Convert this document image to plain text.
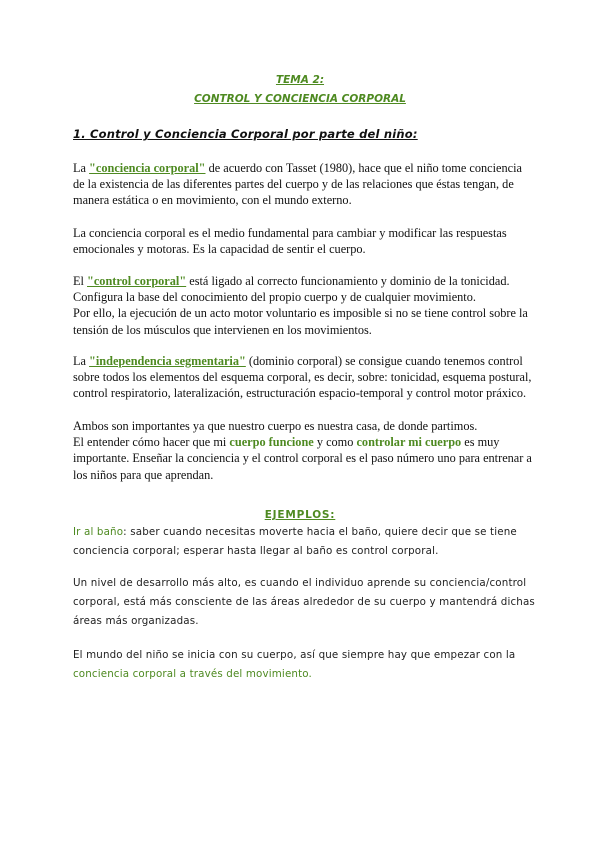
TEMA 2:

CONTROL Y CONCIENCIA CORPORAL

1. Control y Conciencia Corporal por parte del niño:

La "conciencia corporal" de acuerdo con Tasset (1980), hace que el niño tome conciencia de la existencia de las diferentes partes del cuerpo y de las relaciones que éstas tengan, de manera estática o en movimiento, con el mundo externo.

La conciencia corporal es el medio fundamental para cambiar y modificar las respuestas emocionales y motoras. Es la capacidad de sentir el cuerpo.

El "control corporal" está ligado al correcto funcionamiento y dominio de la tonicidad.
Configura la base del conocimiento del propio cuerpo y de cualquier movimiento.
Por ello, la ejecución de un acto motor voluntario es imposible si no se tiene control sobre la tensión de los músculos que intervienen en los movimientos.

La "independencia segmentaria" (dominio corporal) se consigue cuando tenemos control sobre todos los elementos del esquema corporal, es decir, sobre: tonicidad, esquema postural, control respiratorio, lateralización, estructuración espacio-temporal y control motor práxico.

Ambos son importantes ya que nuestro cuerpo es nuestra casa, de donde partimos.
El entender cómo hacer que mi cuerpo funcione y como controlar mi cuerpo es muy importante. Enseñar la conciencia y el control corporal es el paso número uno para entrenar a los niños para que aprendan.

EJEMPLOS:

Ir al baño: saber cuando necesitas moverte hacia el baño, quiere decir que se tiene conciencia corporal; esperar hasta llegar al baño es control corporal.

Un nivel de desarrollo más alto, es cuando el individuo aprende su conciencia/control corporal, está más consciente de las áreas alrededor de su cuerpo y mantendrá dichas áreas más organizadas.

El mundo del niño se inicia con su cuerpo, así que siempre hay que empezar con la conciencia corporal a través del movimiento.
